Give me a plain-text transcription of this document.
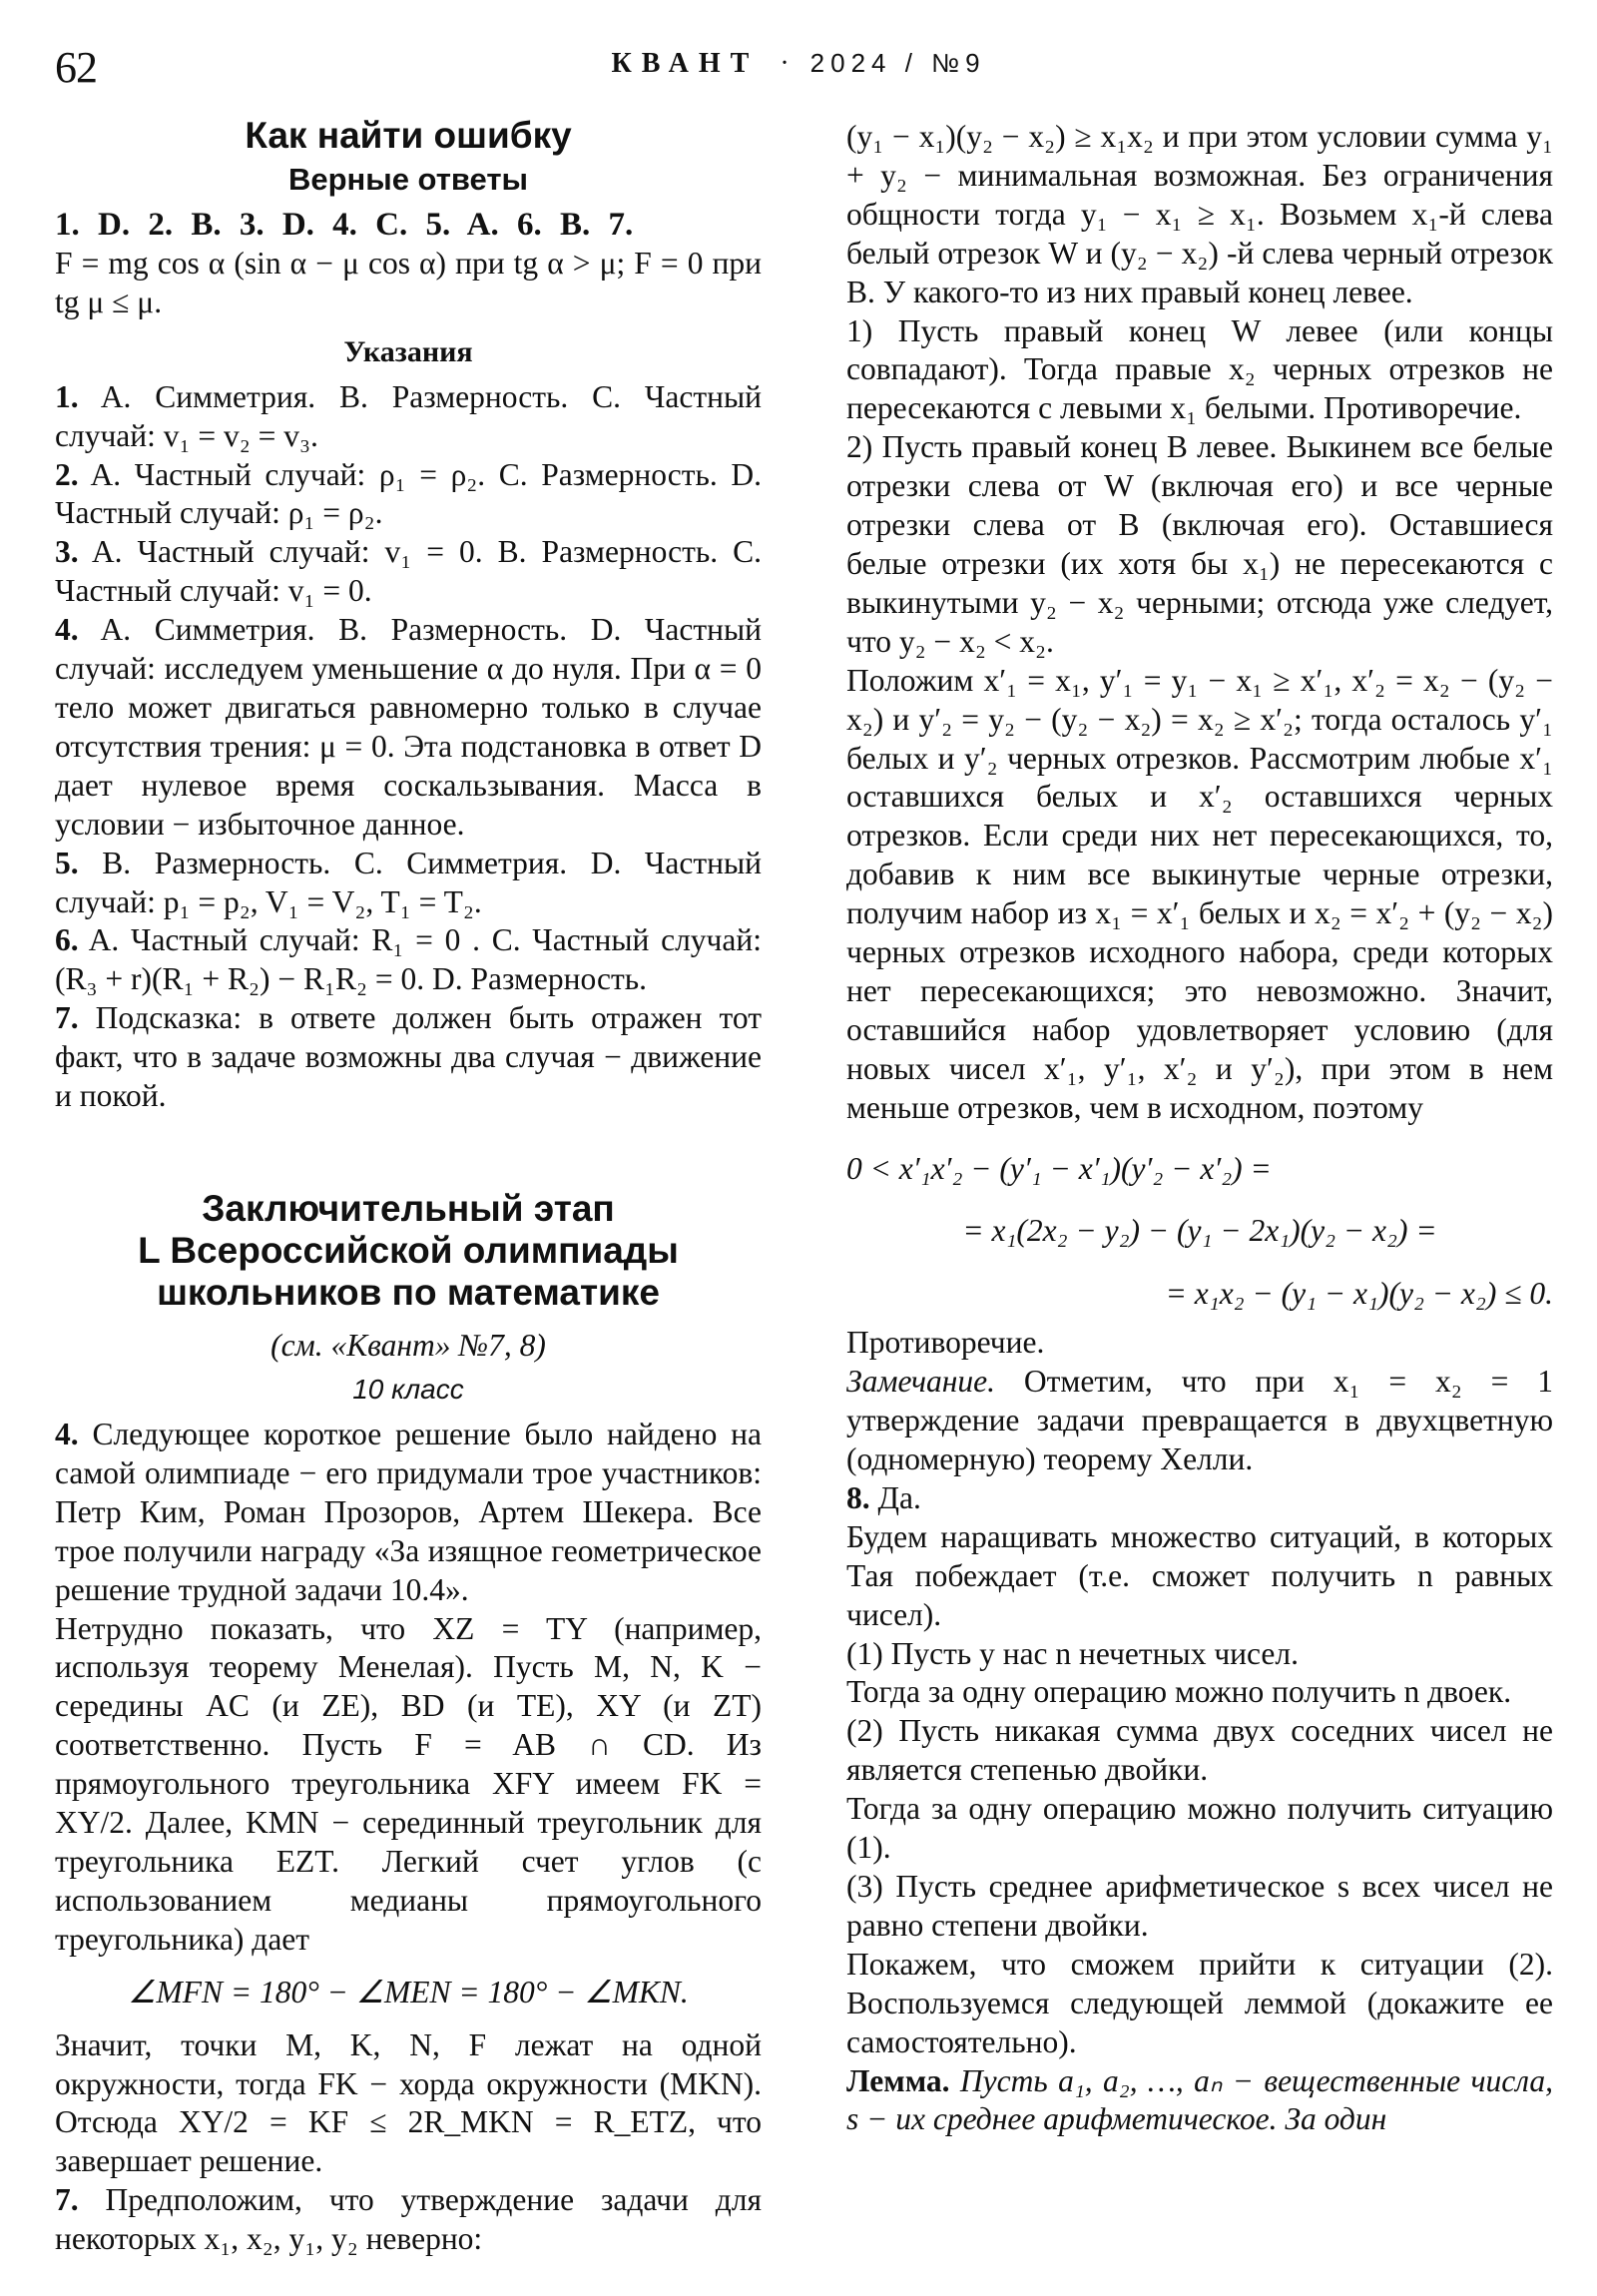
62	КВАНТ · 2024 / №9
Как найти ошибку
Верные ответы

1. D. 2. B. 3. D. 4. C. 5. A. 6. B. 7.

F = mg cos α (sin α − μ cos α) при tg α > μ; F = 0 при tg μ ≤ μ.

Указания

1. A. Симметрия. B. Размерность. C. Частный случай: v₁ = v₂ = v₃.

2. A. Частный случай: ρ₁ = ρ₂. C. Размерность. D. Частный случай: ρ₁ = ρ₂.

3. A. Частный случай: v₁ = 0. B. Размерность. C. Частный случай: v₁ = 0.

4. A. Симметрия. B. Размерность. D. Частный случай: исследуем уменьшение α до нуля. При α = 0 тело может двигаться равномерно только в случае отсутствия трения: μ = 0. Эта подстановка в ответ D дает нулевое время соскальзывания. Масса в условии − избыточное данное.

5. B. Размерность. C. Симметрия. D. Частный случай: p₁ = p₂, V₁ = V₂, T₁ = T₂.

6. A. Частный случай: R₁ = 0 . C. Частный случай: (R₃ + r)(R₁ + R₂) − R₁R₂ = 0. D. Размерность.

7. Подсказка: в ответе должен быть отражен тот факт, что в задаче возможны два случая − движение и покой.

Заключительный этап
L Всероссийской олимпиады
школьников по математике
(см. «Квант» №7, 8)
10 класс

4. Следующее короткое решение было найдено на самой олимпиаде − его придумали трое участников: Петр Ким, Роман Прозоров, Артем Шекера. Все трое получили награду «За изящное геометрическое решение трудной задачи 10.4».

Нетрудно показать, что XZ = TY (например, используя теорему Менелая). Пусть M, N, K − середины AC (и ZE), BD (и TE), XY (и ZT) соответственно. Пусть F = AB ∩ CD. Из прямоугольного треугольника XFY имеем FK = XY/2. Далее, KMN − серединный треугольник для треугольника EZT. Легкий счет углов (с использованием медианы прямоугольного треугольника) дает

∠MFN = 180° − ∠MEN = 180° − ∠MKN.

Значит, точки M, K, N, F лежат на одной окружности, тогда FK − хорда окружности (MKN). Отсюда XY/2 = KF ≤ 2R_MKN = R_ETZ, что завершает решение.

7. Предположим, что утверждение задачи для некоторых x₁, x₂, y₁, y₂ неверно:

(y₁ − x₁)(y₂ − x₂) ≥ x₁x₂ и при этом условии сумма y₁ + y₂ − минимальная возможная. Без ограничения общности тогда y₁ − x₁ ≥ x₁. Возьмем x₁-й слева белый отрезок W и (y₂ − x₂) -й слева черный отрезок B. У какого-то из них правый конец левее.

1) Пусть правый конец W левее (или концы совпадают). Тогда правые x₂ черных отрезков не пересекаются с левыми x₁ белыми. Противоречие.

2) Пусть правый конец B левее. Выкинем все белые отрезки слева от W (включая его) и все черные отрезки слева от B (включая его). Оставшиеся белые отрезки (их хотя бы x₁) не пересекаются с выкинутыми y₂ − x₂ черными; отсюда уже следует, что y₂ − x₂ < x₂.

Положим x′₁ = x₁, y′₁ = y₁ − x₁ ≥ x′₁, x′₂ = x₂ − (y₂ − x₂) и y′₂ = y₂ − (y₂ − x₂) = x₂ ≥ x′₂; тогда осталось y′₁ белых и y′₂ черных отрезков. Рассмотрим любые x′₁ оставшихся белых и x′₂ оставшихся черных отрезков. Если среди них нет пересекающихся, то, добавив к ним все выкинутые черные отрезки, получим набор из x₁ = x′₁ белых и x₂ = x′₂ + (y₂ − x₂) черных отрезков исходного набора, среди которых нет пересекающихся; это невозможно. Значит, оставшийся набор удовлетворяет условию (для новых чисел x′₁, y′₁, x′₂ и y′₂), при этом в нем меньше отрезков, чем в исходном, поэтому

0 < x′₁x′₂ − (y′₁ − x′₁)(y′₂ − x′₂) =

= x₁(2x₂ − y₂) − (y₁ − 2x₁)(y₂ − x₂) =

= x₁x₂ − (y₁ − x₁)(y₂ − x₂) ≤ 0.

Противоречие.

Замечание. Отметим, что при x₁ = x₂ = 1 утверждение задачи превращается в двухцветную (одномерную) теорему Хелли.

8. Да.

Будем наращивать множество ситуаций, в которых Тая побеждает (т.е. сможет получить n равных чисел).

(1) Пусть у нас n нечетных чисел.

Тогда за одну операцию можно получить n двоек.

(2) Пусть никакая сумма двух соседних чисел не является степенью двойки.

Тогда за одну операцию можно получить ситуацию (1).

(3) Пусть среднее арифметическое s всех чисел не равно степени двойки.

Покажем, что сможем прийти к ситуации (2). Воспользуемся следующей леммой (докажите ее самостоятельно).

Лемма. Пусть a₁, a₂, …, aₙ − вещественные числа, s − их среднее арифметическое. За один
